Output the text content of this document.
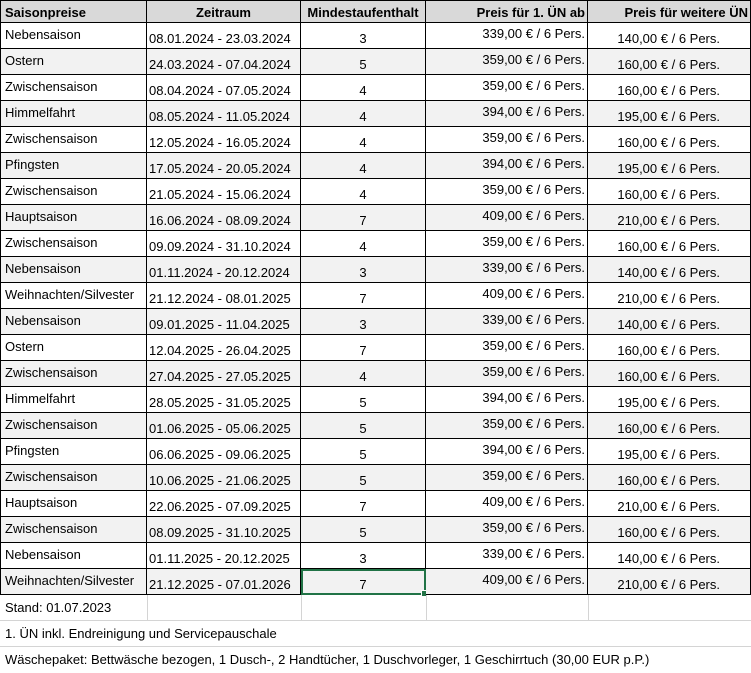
Saisonpreise	Zeitraum	Mindestaufenthalt	Preis für 1. ÜN ab	Preis für weitere ÜN
Nebensaison	08.01.2024 - 23.03.2024	3	339,00 € / 6 Pers.	140,00 € / 6 Pers.
Ostern	24.03.2024 - 07.04.2024	5	359,00 € / 6 Pers.	160,00 € / 6 Pers.
Zwischensaison	08.04.2024 - 07.05.2024	4	359,00 € / 6 Pers.	160,00 € / 6 Pers.
Himmelfahrt	08.05.2024 - 11.05.2024	4	394,00 € / 6 Pers.	195,00 € / 6 Pers.
Zwischensaison	12.05.2024 - 16.05.2024	4	359,00 € / 6 Pers.	160,00 € / 6 Pers.
Pfingsten	17.05.2024 - 20.05.2024	4	394,00 € / 6 Pers.	195,00 € / 6 Pers.
Zwischensaison	21.05.2024 - 15.06.2024	4	359,00 € / 6 Pers.	160,00 € / 6 Pers.
Hauptsaison	16.06.2024 - 08.09.2024	7	409,00 € / 6 Pers.	210,00 € / 6 Pers.
Zwischensaison	09.09.2024 - 31.10.2024	4	359,00 € / 6 Pers.	160,00 € / 6 Pers.
Nebensaison	01.11.2024 - 20.12.2024	3	339,00 € / 6 Pers.	140,00 € / 6 Pers.
Weihnachten/Silvester	21.12.2024 - 08.01.2025	7	409,00 € / 6 Pers.	210,00 € / 6 Pers.
Nebensaison	09.01.2025 - 11.04.2025	3	339,00 € / 6 Pers.	140,00 € / 6 Pers.
Ostern	12.04.2025 - 26.04.2025	7	359,00 € / 6 Pers.	160,00 € / 6 Pers.
Zwischensaison	27.04.2025 - 27.05.2025	4	359,00 € / 6 Pers.	160,00 € / 6 Pers.
Himmelfahrt	28.05.2025 - 31.05.2025	5	394,00 € / 6 Pers.	195,00 € / 6 Pers.
Zwischensaison	01.06.2025 - 05.06.2025	5	359,00 € / 6 Pers.	160,00 € / 6 Pers.
Pfingsten	06.06.2025 - 09.06.2025	5	394,00 € / 6 Pers.	195,00 € / 6 Pers.
Zwischensaison	10.06.2025 - 21.06.2025	5	359,00 € / 6 Pers.	160,00 € / 6 Pers.
Hauptsaison	22.06.2025 - 07.09.2025	7	409,00 € / 6 Pers.	210,00 € / 6 Pers.
Zwischensaison	08.09.2025 - 31.10.2025	5	359,00 € / 6 Pers.	160,00 € / 6 Pers.
Nebensaison	01.11.2025 - 20.12.2025	3	339,00 € / 6 Pers.	140,00 € / 6 Pers.
Weihnachten/Silvester	21.12.2025 - 07.01.2026	7	409,00 € / 6 Pers.	210,00 € / 6 Pers.
Stand: 01.07.2023
1. ÜN inkl. Endreinigung und Servicepauschale
Wäschepaket: Bettwäsche bezogen, 1 Dusch-, 2 Handtücher, 1 Duschvorleger, 1 Geschirrtuch (30,00 EUR p.P.)
